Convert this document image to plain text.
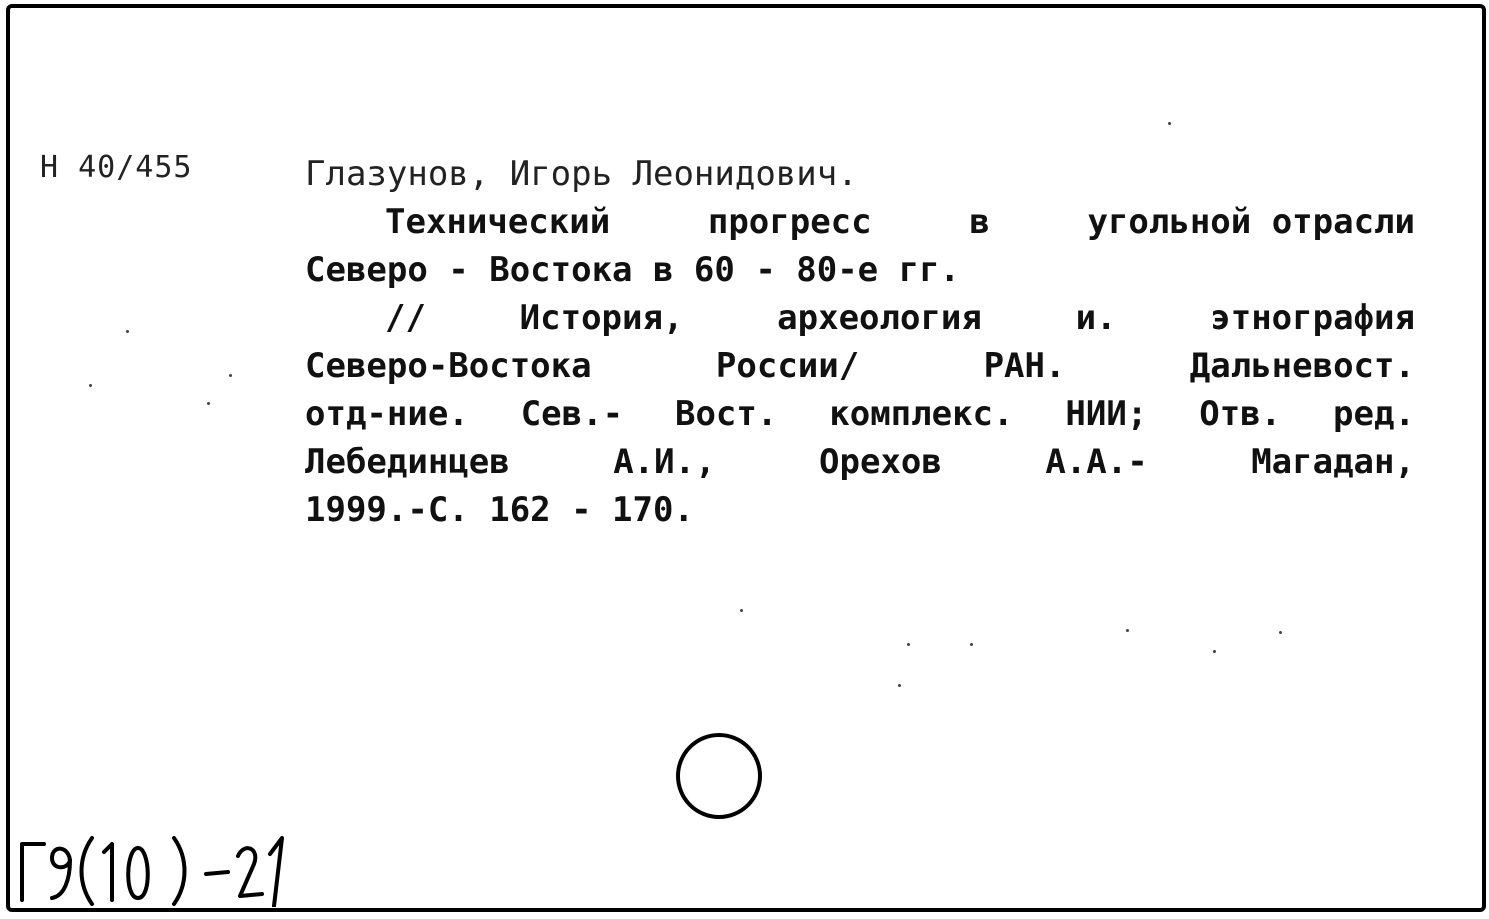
Н 40/455	Глазунов, Игорь Леонидович.
Технический	прогресс	в	угольной отрасли
Северо - Востока в 60 - 80-е гг.
//	История,	археология	и.	этнография
Северо-Востока	России/	РАН.	Дальневост.
отд-ние. Сев.- Вост. комплекс. НИИ; Отв. ред.
Лебединцев	А.И.,	Орехов	А.А.-	Магадан,
1999.-С. 162 - 170.
